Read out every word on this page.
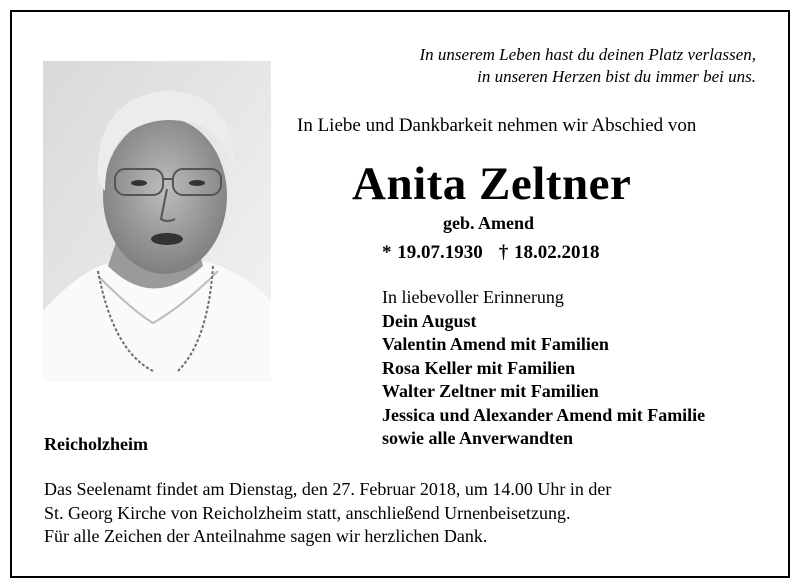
In unserem Leben hast du deinen Platz verlassen,
in unseren Herzen bist du immer bei uns.
In Liebe und Dankbarkeit nehmen wir Abschied von
Anita Zeltner
geb. Amend
* 19.07.1930 † 18.02.2018
In liebevoller Erinnerung
Dein August
Valentin Amend mit Familien
Rosa Keller mit Familien
Walter Zeltner mit Familien
Jessica und Alexander Amend mit Familie
sowie alle Anverwandten
Reicholzheim
Das Seelenamt findet am Dienstag, den 27. Februar 2018, um 14.00 Uhr in der
St. Georg Kirche von Reicholzheim statt, anschließend Urnenbeisetzung.
Für alle Zeichen der Anteilnahme sagen wir herzlichen Dank.
